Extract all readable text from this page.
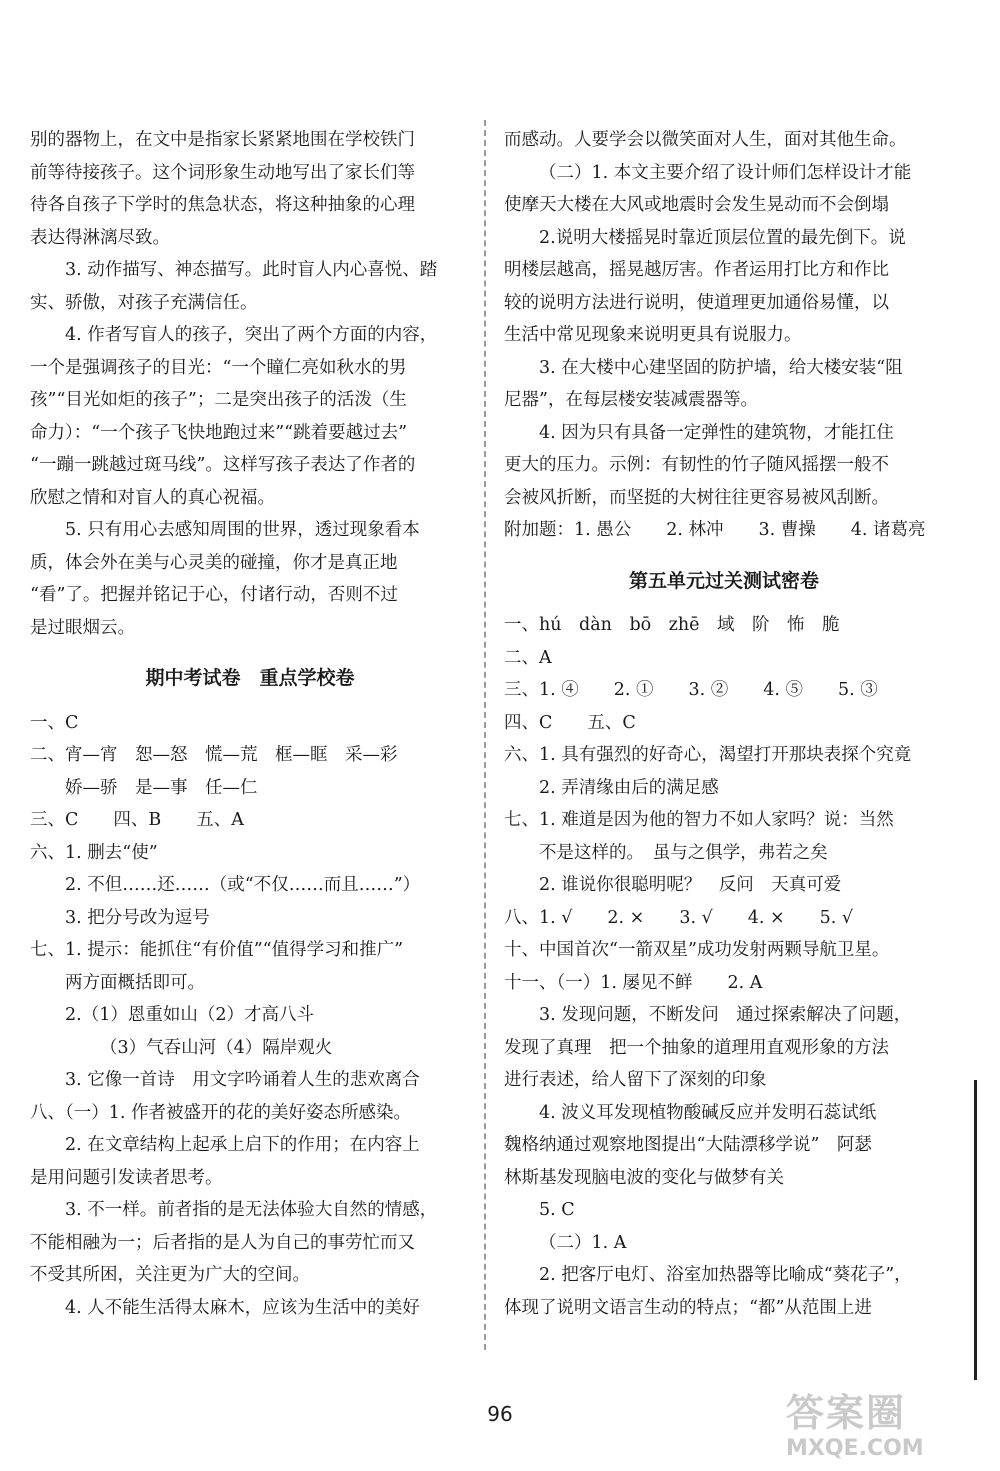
别的器物上，在文中是指家长紧紧地围在学校铁门
前等待接孩子。这个词形象生动地写出了家长们等
待各自孩子下学时的焦急状态，将这种抽象的心理
表达得淋漓尽致。
3. 动作描写、神态描写。此时盲人内心喜悦、踏
实、骄傲，对孩子充满信任。
4. 作者写盲人的孩子，突出了两个方面的内容，
一个是强调孩子的目光：“一个瞳仁亮如秋水的男
孩”“目光如炬的孩子”；二是突出孩子的活泼（生
命力）：“一个孩子飞快地跑过来”“跳着要越过去”
“一蹦一跳越过斑马线”。这样写孩子表达了作者的
欣慰之情和对盲人的真心祝福。
5. 只有用心去感知周围的世界，透过现象看本
质，体会外在美与心灵美的碰撞，你才是真正地
“看”了。把握并铭记于心，付诸行动，否则不过
是过眼烟云。
期中考试卷　重点学校卷
一、C
二、宵—宵　恕—怒　慌—荒　框—眶　采—彩
娇—骄　是—事　任—仁
三、C　　四、B　　五、A
六、1. 删去“使”
2. 不但……还……（或“不仅……而且……”）
3. 把分号改为逗号
七、1. 提示：能抓住“有价值”“值得学习和推广”
两方面概括即可。
2.（1）恩重如山（2）才高八斗
（3）气吞山河（4）隔岸观火
3. 它像一首诗　用文字吟诵着人生的悲欢离合
八、（一）1. 作者被盛开的花的美好姿态所感染。
2. 在文章结构上起承上启下的作用；在内容上
是用问题引发读者思考。
3. 不一样。前者指的是无法体验大自然的情感，
不能相融为一；后者指的是人为自己的事劳忙而又
不受其所困，关注更为广大的空间。
4. 人不能生活得太麻木，应该为生活中的美好
而感动。人要学会以微笑面对人生，面对其他生命。
（二）1. 本文主要介绍了设计师们怎样设计才能
使摩天大楼在大风或地震时会发生晃动而不会倒塌
2.说明大楼摇晃时靠近顶层位置的最先倒下。说
明楼层越高，摇晃越厉害。作者运用打比方和作比
较的说明方法进行说明，使道理更加通俗易懂，以
生活中常见现象来说明更具有说服力。
3. 在大楼中心建坚固的防护墙，给大楼安装“阻
尼器”，在每层楼安装减震器等。
4. 因为只有具备一定弹性的建筑物，才能扛住
更大的压力。示例：有韧性的竹子随风摇摆一般不
会被风折断，而坚挺的大树往往更容易被风刮断。
附加题：1. 愚公　　2. 林冲　　3. 曹操　　4. 诸葛亮
第五单元过关测试密卷
一、hú　dàn　bō　zhē　域　阶　怖　脆
二、A
三、1. ④　　2. ①　　3. ②　　4. ⑤　　5. ③
四、C　　五、C
六、1. 具有强烈的好奇心，渴望打开那块表探个究竟
2. 弄清缘由后的满足感
七、1. 难道是因为他的智力不如人家吗？说：当然
不是这样的。　虽与之俱学，弗若之矣
2. 谁说你很聪明呢？　反问　天真可爱
八、1. √　　2. ×　　3. √　　4. ×　　5. √
十、中国首次“一箭双星”成功发射两颗导航卫星。
十一、（一）1. 屡见不鲜　　2. A
3. 发现问题，不断发问　通过探索解决了问题，
发现了真理　把一个抽象的道理用直观形象的方法
进行表述，给人留下了深刻的印象
4. 波义耳发现植物酸碱反应并发明石蕊试纸
魏格纳通过观察地图提出“大陆漂移学说”　阿瑟
林斯基发现脑电波的变化与做梦有关
5. C
（二）1. A
2. 把客厅电灯、浴室加热器等比喻成“葵花子”，
体现了说明文语言生动的特点；“都”从范围上进
96	答案圈
MXQE.COM
